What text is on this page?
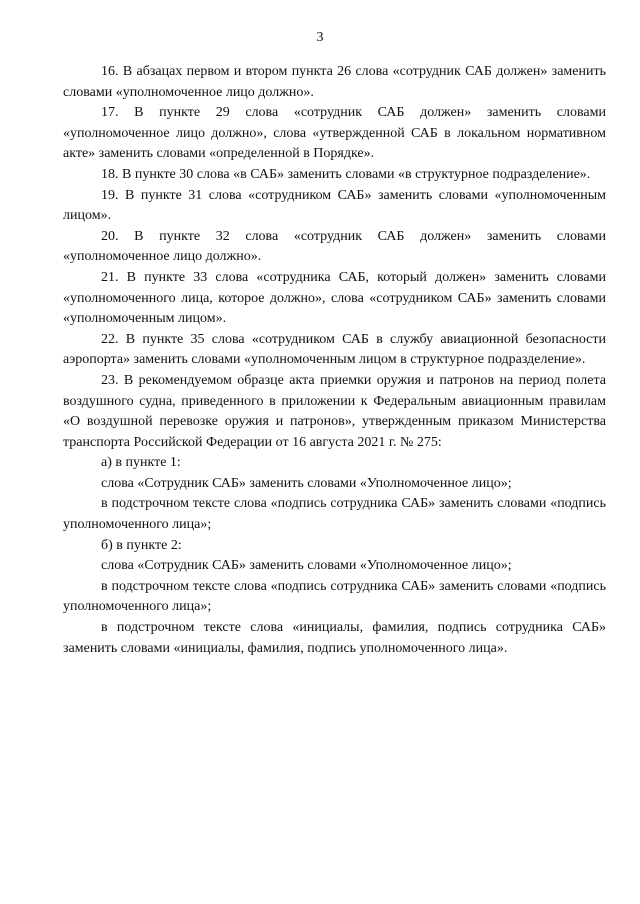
3

16. В абзацах первом и втором пункта 26 слова «сотрудник САБ должен» заменить словами «уполномоченное лицо должно».

17. В пункте 29 слова «сотрудник САБ должен» заменить словами «уполномоченное лицо должно», слова «утвержденной САБ в локальном нормативном акте» заменить словами «определенной в Порядке».

18. В пункте 30 слова «в САБ» заменить словами «в структурное подразделение».

19. В пункте 31 слова «сотрудником САБ» заменить словами «уполномоченным лицом».

20. В пункте 32 слова «сотрудник САБ должен» заменить словами «уполномоченное лицо должно».

21. В пункте 33 слова «сотрудника САБ, который должен» заменить словами «уполномоченного лица, которое должно», слова «сотрудником САБ» заменить словами «уполномоченным лицом».

22. В пункте 35 слова «сотрудником САБ в службу авиационной безопасности аэропорта» заменить словами «уполномоченным лицом в структурное подразделение».

23. В рекомендуемом образце акта приемки оружия и патронов на период полета воздушного судна, приведенного в приложении к Федеральным авиационным правилам «О воздушной перевозке оружия и патронов», утвержденным приказом Министерства транспорта Российской Федерации от 16 августа 2021 г. № 275:

а) в пункте 1:

слова «Сотрудник САБ» заменить словами «Уполномоченное лицо»;

в подстрочном тексте слова «подпись сотрудника САБ» заменить словами «подпись уполномоченного лица»;

б) в пункте 2:

слова «Сотрудник САБ» заменить словами «Уполномоченное лицо»;

в подстрочном тексте слова «подпись сотрудника САБ» заменить словами «подпись уполномоченного лица»;

в подстрочном тексте слова «инициалы, фамилия, подпись сотрудника САБ» заменить словами «инициалы, фамилия, подпись уполномоченного лица».
